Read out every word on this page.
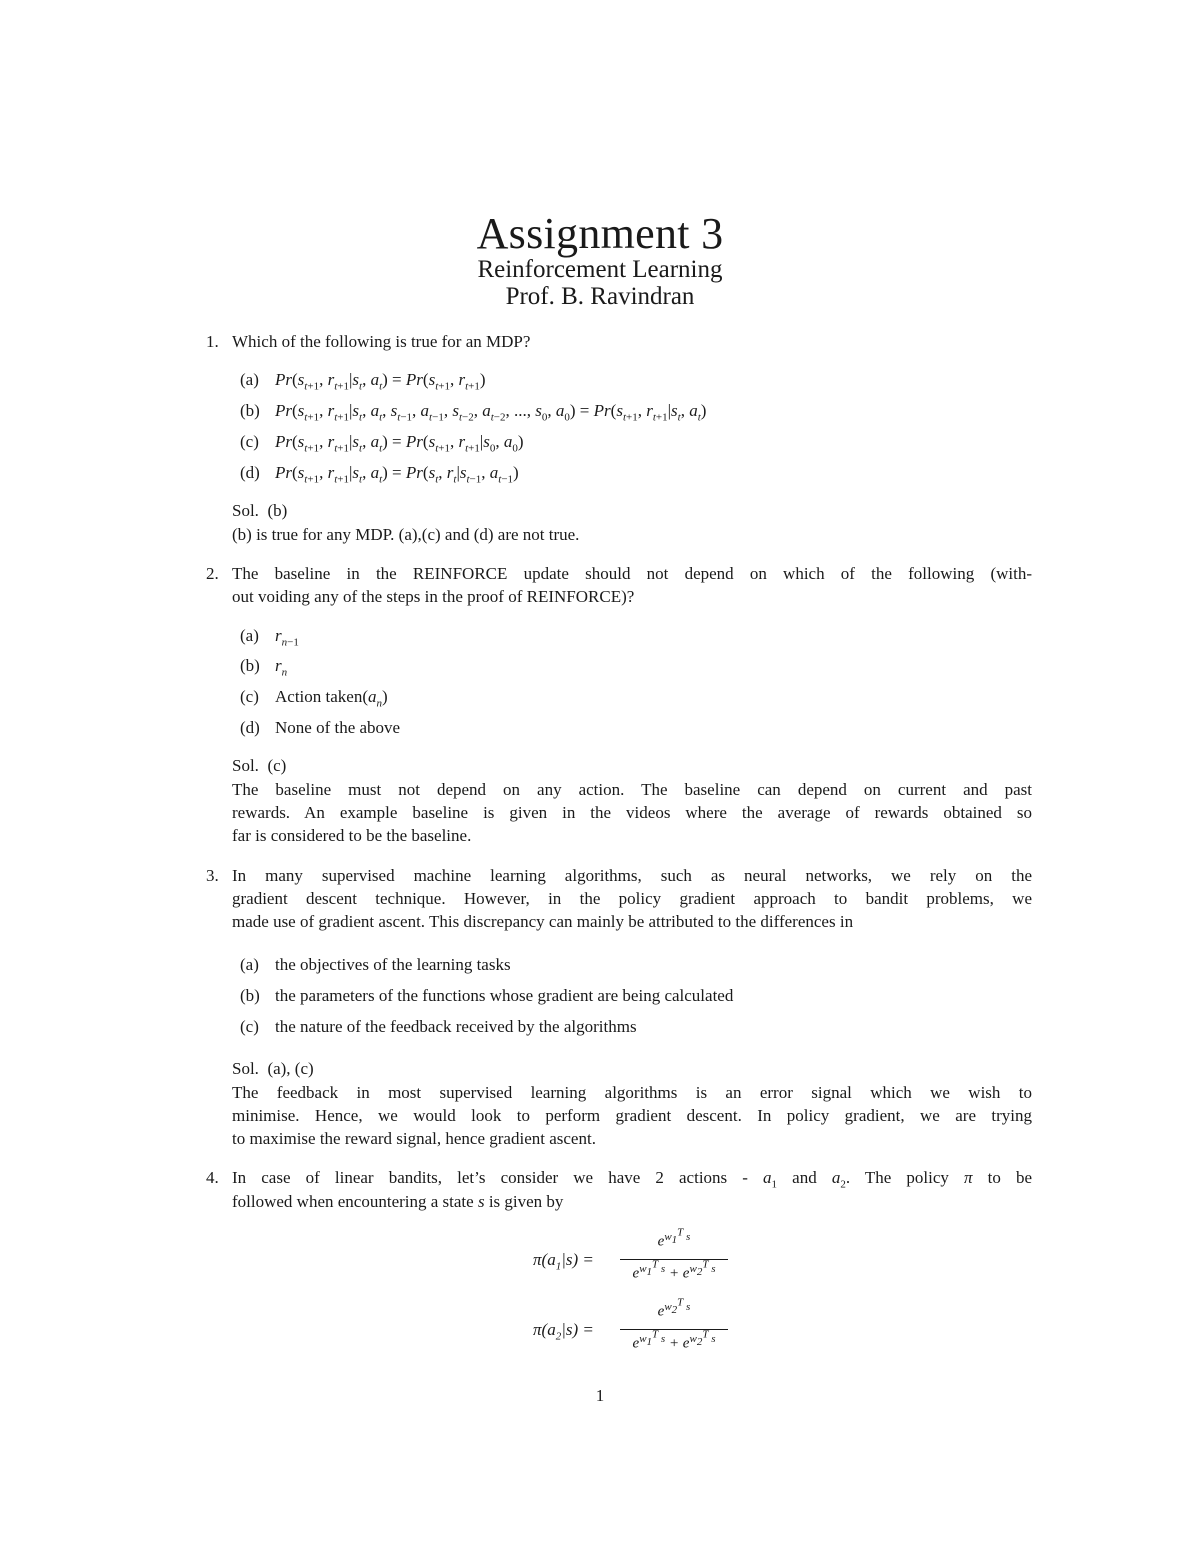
Assignment 3
Reinforcement Learning
Prof. B. Ravindran
1. Which of the following is true for an MDP?
(a) $Pr(s_{t+1}$, $r_{t+1}|s_t$, $a_t) = Pr(s_{t+1}$, $r_{t+1}$)
(b) $Pr(s_{t+1}$, $r_{t+1}|s_t$, $a_t$, $s_{t-1}$, $a_{t-1}$, $s_{t-2}$, $a_{t-2}$, ..., $s_0$, $a_0) = Pr(s_{t+1}$, $r_{t+1}|s_t$, $a_t$)
(c) $Pr(s_{t+1}$, $r_{t+1}|s_t$, $a_t) = Pr(s_{t+1}$, $r_{t+1}|s_0$, $a_0$)
(d) $Pr(s_{t+1}$, $r_{t+1}|s_t$, $a_t) = Pr(s_t$, $r_t|s_{t-1}$, $a_{t-1}$)
Sol. (b)
(b) is true for any MDP. (a),(c) and (d) are not true.
2. The baseline in the REINFORCE update should not depend on which of the following (with-
out voiding any of the steps in the proof of REINFORCE)?
(a) $r_{n-1}$
(b) $r_n$
(c) Action $taken(a_n)$
(d) None of the above
Sol. (c)
The baseline must not depend on any action. The baseline can depend on current and past
rewards. An example baseline is given in the videos where the average of rewards obtained so
far is considered to be the baseline.
3. In many supervised machine learning algorithms, such as neural networks, we rely on the
gradient descent technique. However, in the policy gradient approach to bandit problems, we
made use of gradient ascent. This discrepancy can mainly be attributed to the differences in
(a) the objectives of the learning tasks
(b) the parameters of the functions whose gradient are being calculated
(c) the nature of the feedback received by the algorithms
Sol. (a), (c)
The feedback in most supervised learning algorithms is an error signal which we wish to
minimise. Hence, we would look to perform gradient descent. In policy gradient, we are trying
to maximise the reward signal, hence gradient ascent.
4. In case of linear bandits, let’s consider we have 2 actions - $a_1$ and $a_2$. The policy π to be
followed when encountering a state s is given by
$\pi(a_1|s)$ =
$e^{w_1^T s}$
$e^{w_1^T s} + e^{w_2^T s}$
$\pi(a_2|s)$ =
$e^{w_2^T s}$
$e^{w_1^T s} + e^{w_2^T s}$
1
